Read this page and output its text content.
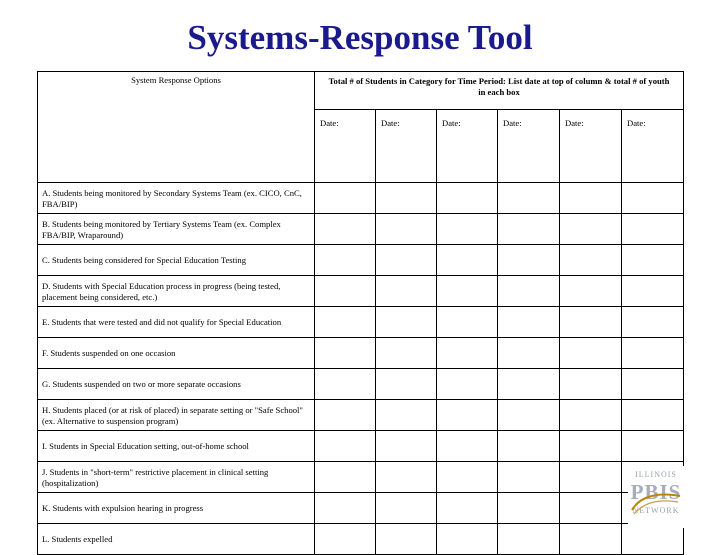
Systems-Response Tool
System Response Options	Total # of Students in Category for Time Period: List date at top of column & total # of youth in each box					
	Date:	Date:	Date:	Date:	Date:	Date:
A. Students being monitored by Secondary Systems Team (ex. CICO, CnC, FBA/BIP)						
B. Students being monitored by Tertiary Systems Team (ex. Complex FBA/BIP, Wraparound)						
C. Students being considered for Special Education Testing						
D. Students with Special Education process in progress (being tested, placement being considered, etc.)						
E. Students that were tested and did not qualify for Special Education						
F. Students suspended on one occasion						
G. Students suspended on two or more separate occasions						
H. Students placed (or at risk of placed) in separate setting or "Safe School" (ex. Alternative to suspension program)						
I. Students in Special Education setting, out-of-home school						
J. Students in "short-term" restrictive placement in clinical setting (hospitalization)						
K. Students with expulsion hearing in progress						
L. Students expelled						
ILLINOIS
PBIS
NETWORK
